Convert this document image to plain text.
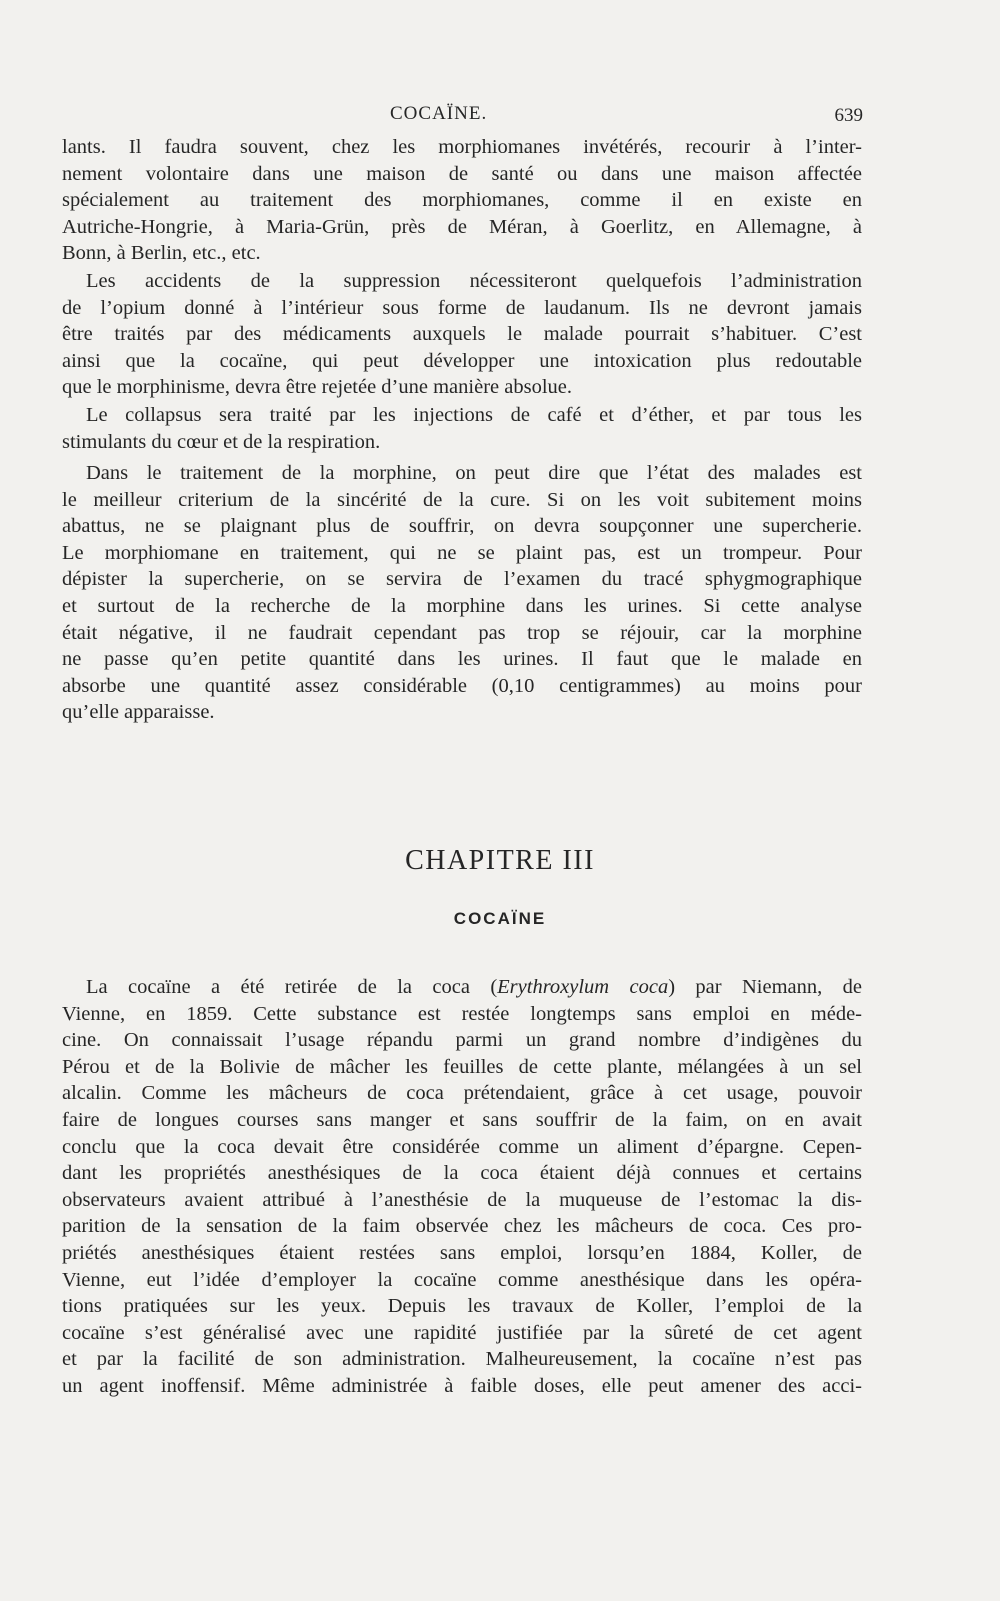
COCAÏNE.	639
lants. Il faudra souvent, chez les morphiomanes invétérés, recourir à l’inter-
nement volontaire dans une maison de santé ou dans une maison affectée
spécialement au traitement des morphiomanes, comme il en existe en
Autriche-Hongrie, à Maria-Grün, près de Méran, à Goerlitz, en Allemagne, à
Bonn, à Berlin, etc., etc.
Les accidents de la suppression nécessiteront quelquefois l’administration
de l’opium donné à l’intérieur sous forme de laudanum. Ils ne devront jamais
être traités par des médicaments auxquels le malade pourrait s’habituer. C’est
ainsi que la cocaïne, qui peut développer une intoxication plus redoutable
que le morphinisme, devra être rejetée d’une manière absolue.
Le collapsus sera traité par les injections de café et d’éther, et par tous les
stimulants du cœur et de la respiration.
Dans le traitement de la morphine, on peut dire que l’état des malades est
le meilleur criterium de la sincérité de la cure. Si on les voit subitement moins
abattus, ne se plaignant plus de souffrir, on devra soupçonner une supercherie.
Le morphiomane en traitement, qui ne se plaint pas, est un trompeur. Pour
dépister la supercherie, on se servira de l’examen du tracé sphygmographique
et surtout de la recherche de la morphine dans les urines. Si cette analyse
était négative, il ne faudrait cependant pas trop se réjouir, car la morphine
ne passe qu’en petite quantité dans les urines. Il faut que le malade en
absorbe une quantité assez considérable (0,10 centigrammes) au moins pour
qu’elle apparaisse.
CHAPITRE III
COCAÏNE
La cocaïne a été retirée de la coca (Erythroxylum coca) par Niemann, de
Vienne, en 1859. Cette substance est restée longtemps sans emploi en méde-
cine. On connaissait l’usage répandu parmi un grand nombre d’indigènes du
Pérou et de la Bolivie de mâcher les feuilles de cette plante, mélangées à un sel
alcalin. Comme les mâcheurs de coca prétendaient, grâce à cet usage, pouvoir
faire de longues courses sans manger et sans souffrir de la faim, on en avait
conclu que la coca devait être considérée comme un aliment d’épargne. Cepen-
dant les propriétés anesthésiques de la coca étaient déjà connues et certains
observateurs avaient attribué à l’anesthésie de la muqueuse de l’estomac la dis-
parition de la sensation de la faim observée chez les mâcheurs de coca. Ces pro-
priétés anesthésiques étaient restées sans emploi, lorsqu’en 1884, Koller, de
Vienne, eut l’idée d’employer la cocaïne comme anesthésique dans les opéra-
tions pratiquées sur les yeux. Depuis les travaux de Koller, l’emploi de la
cocaïne s’est généralisé avec une rapidité justifiée par la sûreté de cet agent
et par la facilité de son administration. Malheureusement, la cocaïne n’est pas
un agent inoffensif. Même administrée à faible doses, elle peut amener des acci-
